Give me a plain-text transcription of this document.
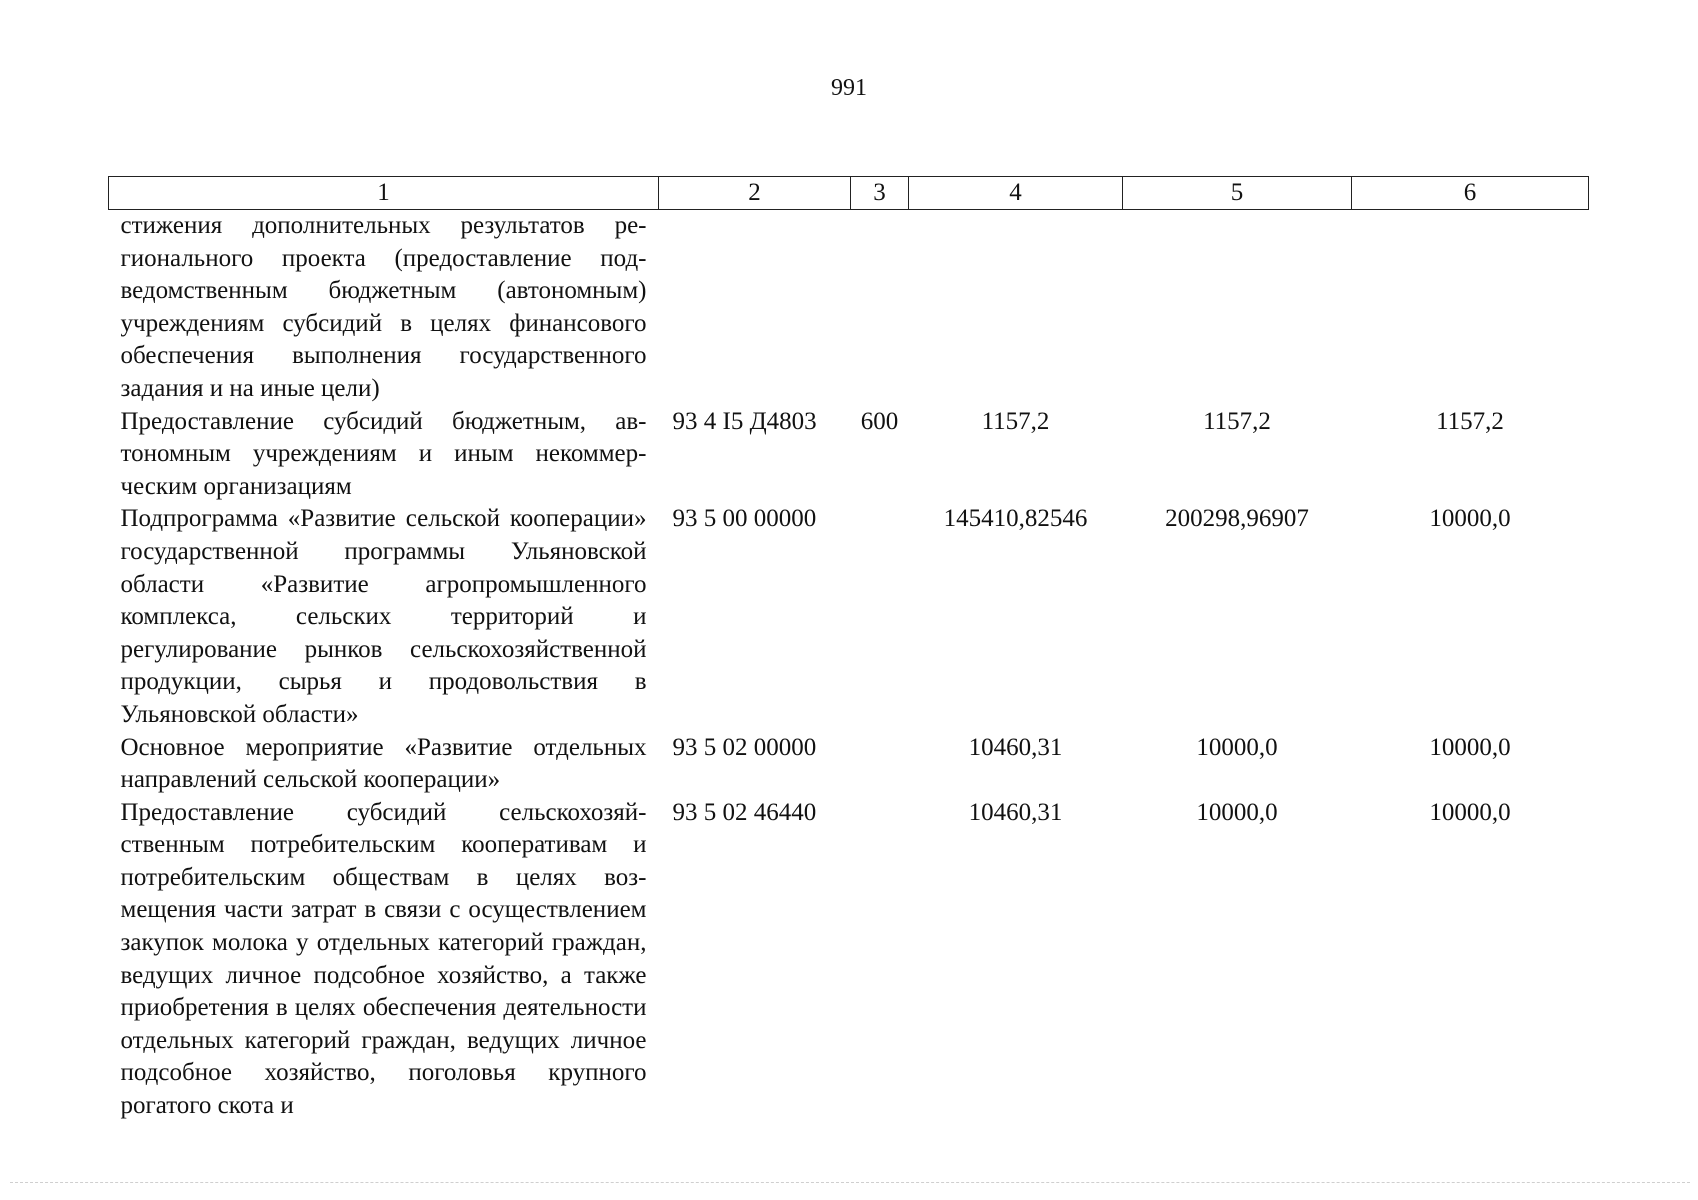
991
1	2	3	4	5	6
стижения дополнительных результатов регионального проекта (предоставление подведомственным бюджетным (автономным) учреждениям субсидий в целях финансового обеспечения выполнения государственного задания и на иные цели)					
Предоставление субсидий бюджетным, автономным учреждениям и иным некоммерческим организациям	93 4 I5 Д4803	600	1157,2	1157,2	1157,2
Подпрограмма «Развитие сельской кооперации» государственной программы Ульяновской области «Развитие агропромышленного комплекса, сельских территорий и регулирование рынков сельскохозяйственной продукции, сырья и продовольствия в Ульяновской области»	93 5 00 00000		145410,82546	200298,96907	10000,0
Основное мероприятие «Развитие отдельных направлений сельской кооперации»	93 5 02 00000		10460,31	10000,0	10000,0
Предоставление субсидий сельскохозяйственным потребительским кооперативам и потребительским обществам в целях возмещения части затрат в связи с осуществлением закупок молока у отдельных категорий граждан, ведущих личное подсобное хозяйство, а также приобретения в целях обеспечения деятельности отдельных категорий граждан, ведущих личное подсобное хозяйство, поголовья крупного рогатого скота и	93 5 02 46440		10460,31	10000,0	10000,0
